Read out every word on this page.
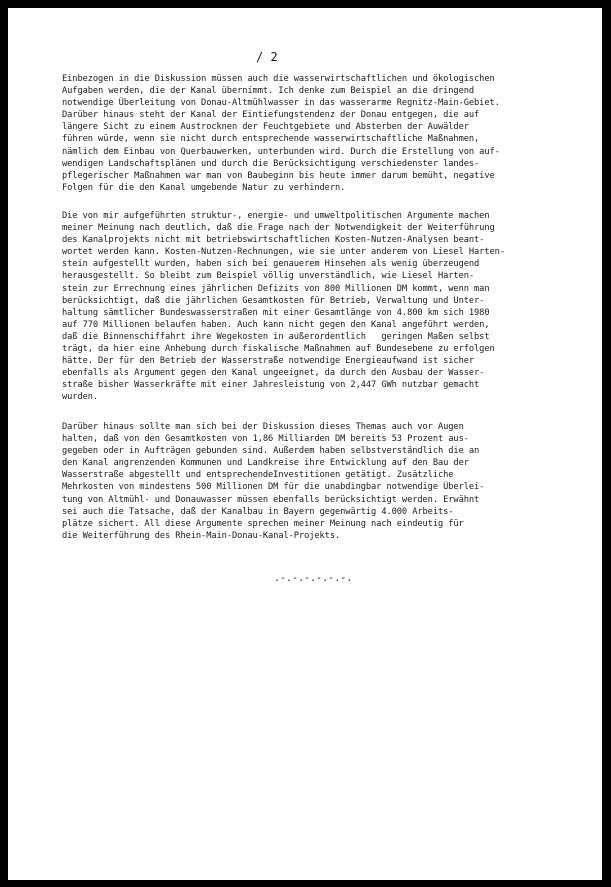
/ 2
Einbezogen in die Diskussion müssen auch die wasserwirtschaftlichen und ökologischen
Aufgaben werden, die der Kanal übernimmt. Ich denke zum Beispiel an die dringend
notwendige Überleitung von Donau-Altmühlwasser in das wasserarme Regnitz-Main-Gebiet.
Darüber hinaus steht der Kanal der Eintiefungstendenz der Donau entgegen, die auf
längere Sicht zu einem Austrocknen der Feuchtgebiete und Absterben der Auwälder
führen würde, wenn sie nicht durch entsprechende wasserwirtschaftliche Maßnahmen,
nämlich dem Einbau von Querbauwerken, unterbunden wird. Durch die Erstellung von auf-
wendigen Landschaftsplänen und durch die Berücksichtigung verschiedenster landes-
pflegerischer Maßnahmen war man von Baubeginn bis heute immer darum bemüht, negative
Folgen für die den Kanal umgebende Natur zu verhindern.
Die von mir aufgeführten struktur-, energie- und umweltpolitischen Argumente machen
meiner Meinung nach deutlich, daß die Frage nach der Notwendigkeit der Weiterführung
des Kanalprojekts nicht mit betriebswirtschaftlichen Kosten-Nutzen-Analysen beant-
wortet werden kann. Kosten-Nutzen-Rechnungen, wie sie unter anderem von Liesel Harten-
stein aufgestellt wurden, haben sich bei genauerem Hinsehen als wenig überzeugend
herausgestellt. So bleibt zum Beispiel völlig unverständlich, wie Liesel Harten-
stein zur Errechnung eines jährlichen Defizits von 800 Millionen DM kommt, wenn man
berücksichtigt, daß die jährlichen Gesamtkosten für Betrieb, Verwaltung und Unter-
haltung sämtlicher Bundeswasserstraßen mit einer Gesamtlänge von 4.800 km sich 1980
auf 770 Millionen belaufen haben. Auch kann nicht gegen den Kanal angeführt werden,
daß die Binnenschiffahrt ihre Wegekosten in außerordentlich   geringen Maßen selbst
trägt, da hier eine Anhebung durch fiskalische Maßnahmen auf Bundesebene zu erfolgen
hätte. Der für den Betrieb der Wasserstraße notwendige Energieaufwand ist sicher
ebenfalls als Argument gegen den Kanal ungeeignet, da durch den Ausbau der Wasser-
straße bisher Wasserkräfte mit einer Jahresleistung von 2,447 GWh nutzbar gemacht
wurden.
Darüber hinaus sollte man sich bei der Diskussion dieses Themas auch vor Augen
halten, daß von den Gesamtkosten von 1,86 Milliarden DM bereits 53 Prozent aus-
gegeben oder in Aufträgen gebunden sind. Außerdem haben selbstverständlich die an
den Kanal angrenzenden Kommunen und Landkreise ihre Entwicklung auf den Bau der
Wasserstraße abgestellt und entsprechendeInvestitionen getätigt. Zusätzliche
Mehrkosten von mindestens 500 Millionen DM für die unabdingbar notwendige Überlei-
tung von Altmühl- und Donauwasser müssen ebenfalls berücksichtigt werden. Erwähnt
sei auch die Tatsache, daß der Kanalbau in Bayern gegenwärtig 4.000 Arbeits-
plätze sichert. All diese Argumente sprechen meiner Meinung nach eindeutig für
die Weiterführung des Rhein-Main-Donau-Kanal-Projekts.
.-.-.-.-.-.-.
